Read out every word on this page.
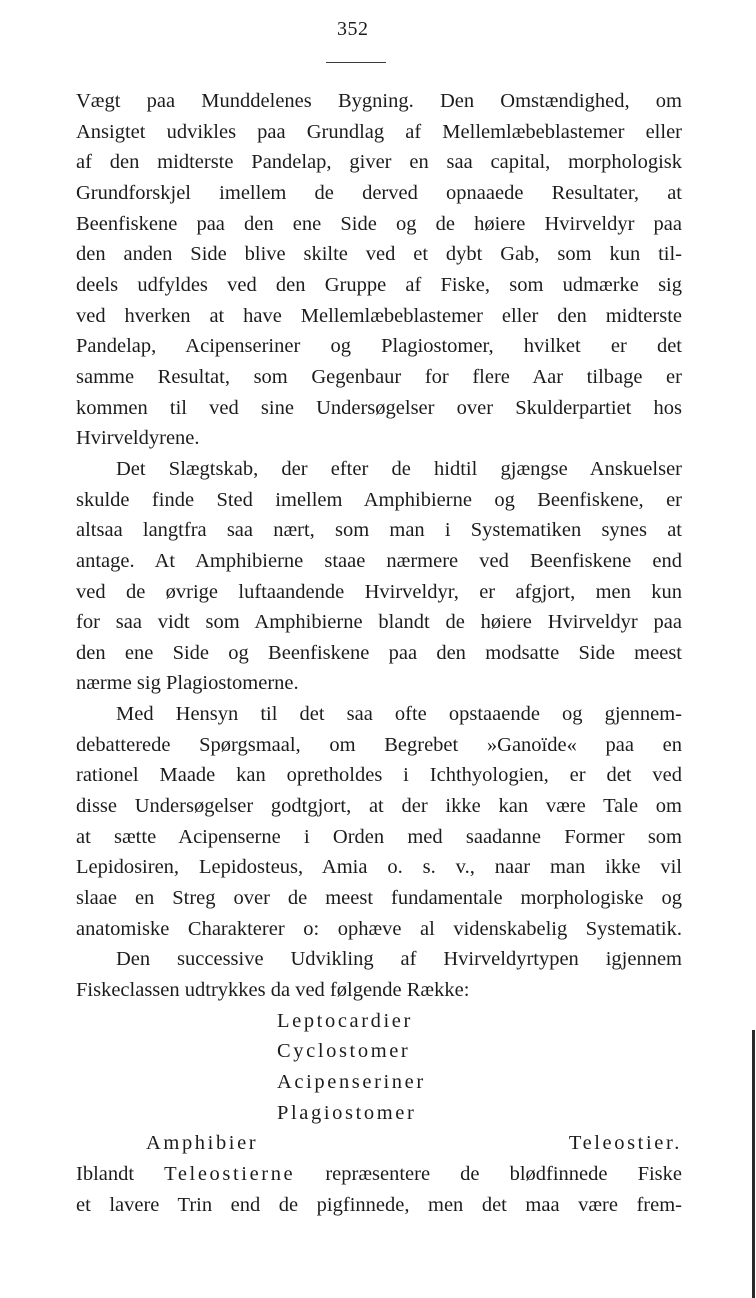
352
Vægt paa Munddelenes Bygning. Den Omstændighed, om
Ansigtet udvikles paa Grundlag af Mellemlæbeblastemer eller
af den midterste Pandelap, giver en saa capital, morphologisk
Grundforskjel imellem de derved opnaaede Resultater, at
Beenfiskene paa den ene Side og de høiere Hvirveldyr paa
den anden Side blive skilte ved et dybt Gab, som kun til-
deels udfyldes ved den Gruppe af Fiske, som udmærke sig
ved hverken at have Mellemlæbeblastemer eller den midterste
Pandelap, Acipenseriner og Plagiostomer, hvilket er det
samme Resultat, som Gegenbaur for flere Aar tilbage er
kommen til ved sine Undersøgelser over Skulderpartiet hos
Hvirveldyrene.
Det Slægtskab, der efter de hidtil gjængse Anskuelser
skulde finde Sted imellem Amphibierne og Beenfiskene, er
altsaa langtfra saa nært, som man i Systematiken synes at
antage. At Amphibierne staae nærmere ved Beenfiskene end
ved de øvrige luftaandende Hvirveldyr, er afgjort, men kun
for saa vidt som Amphibierne blandt de høiere Hvirveldyr paa
den ene Side og Beenfiskene paa den modsatte Side meest
nærme sig Plagiostomerne.
Med Hensyn til det saa ofte opstaaende og gjennem-
debatterede Spørgsmaal, om Begrebet »Ganoïde« paa en
rationel Maade kan opretholdes i Ichthyologien, er det ved
disse Undersøgelser godtgjort, at der ikke kan være Tale om
at sætte Acipenserne i Orden med saadanne Former som
Lepidosiren, Lepidosteus, Amia o. s. v., naar man ikke vil
slaae en Streg over de meest fundamentale morphologiske og
anatomiske Charakterer o: ophæve al videnskabelig Systematik.
Den successive Udvikling af Hvirveldyrtypen igjennem
Fiskeclassen udtrykkes da ved følgende Række:
Leptocardier
Cyclostomer
Acipenseriner
Plagiostomer
Amphibier	Teleostier.
Iblandt Teleostierne repræsentere de blødfinnede Fiske
et lavere Trin end de pigfinnede, men det maa være frem-
